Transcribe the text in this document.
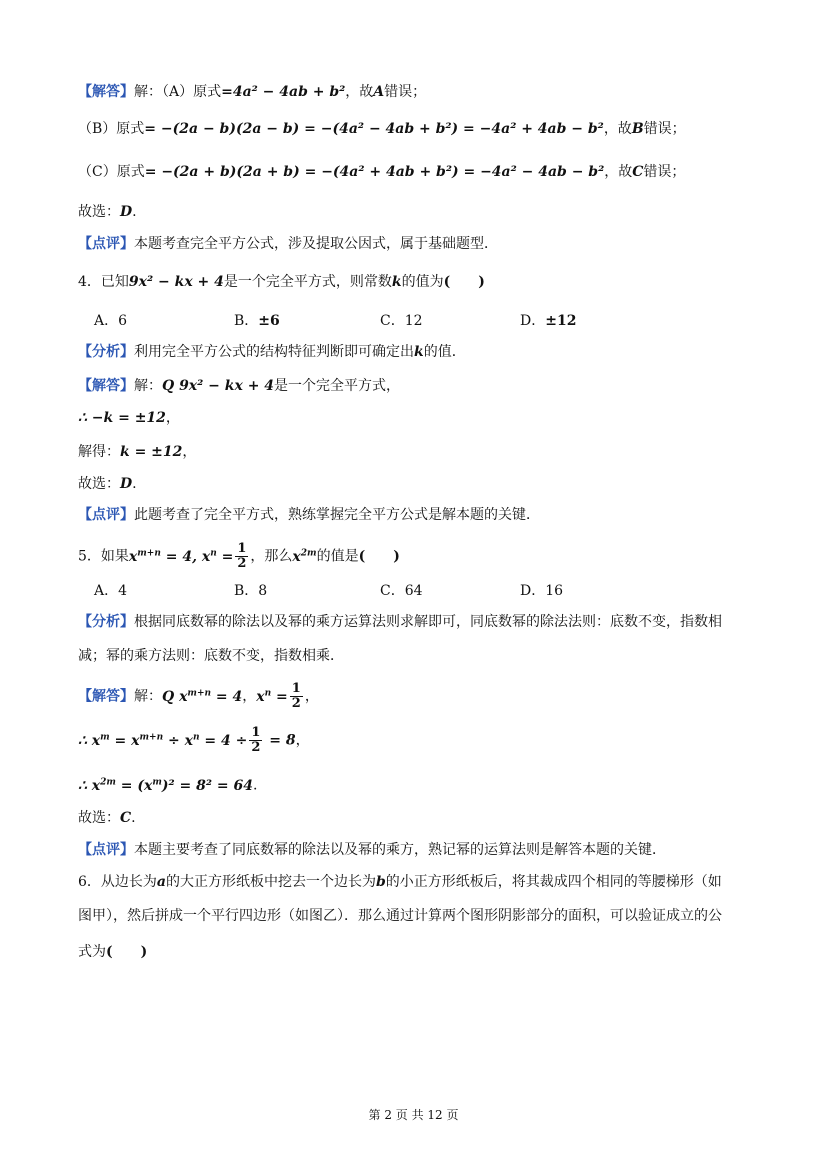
【解答】解：（A）原式=4a² − 4ab + b²，故A错误；
（B）原式= −(2a − b)(2a − b) = −(4a² − 4ab + b²) = −4a² + 4ab − b²，故B错误；
（C）原式= −(2a + b)(2a + b) = −(4a² + 4ab + b²) = −4a² − 4ab − b²，故C错误；
故选：D.
【点评】本题考查完全平方公式，涉及提取公因式，属于基础题型．
4．已知9x² − kx + 4是一个完全平方式，则常数k的值为(　　)
A．6	B．±6	C．12	D．±12
【分析】利用完全平方公式的结构特征判断即可确定出k的值．
【解答】解：Q 9x² − kx + 4是一个完全平方式，
∴ −k = ±12，
解得：k = ±12，
故选：D.
【点评】此题考查了完全平方式，熟练掌握完全平方公式是解本题的关键．
5．如果$x^{m+n} = 4$, $x^n = \frac{1}{2}$ ，那么$x^{2m}$的值是(　　)
A．4	B．8	C．64	D．16
【分析】根据同底数幂的除法以及幂的乘方运算法则求解即可，同底数幂的除法法则：底数不变，指数相
减；幂的乘方法则：底数不变，指数相乘．
【解答】解：Q $x^{m+n} = 4$，$x^n = \frac{1}{2}$ ，
∴ $x^m = x^{m+n} \div x^n = 4 \div \frac{1}{2} = 8$，
∴ $x^{2m} = (x^m)^2 = 8^2 = 64$.
故选：C.
【点评】本题主要考查了同底数幂的除法以及幂的乘方，熟记幂的运算法则是解答本题的关键．
6．从边长为a的大正方形纸板中挖去一个边长为b的小正方形纸板后，将其裁成四个相同的等腰梯形（如
图甲），然后拼成一个平行四边形（如图乙）．那么通过计算两个图形阴影部分的面积，可以验证成立的公
式为(　　)
第 2 页 共 12 页
